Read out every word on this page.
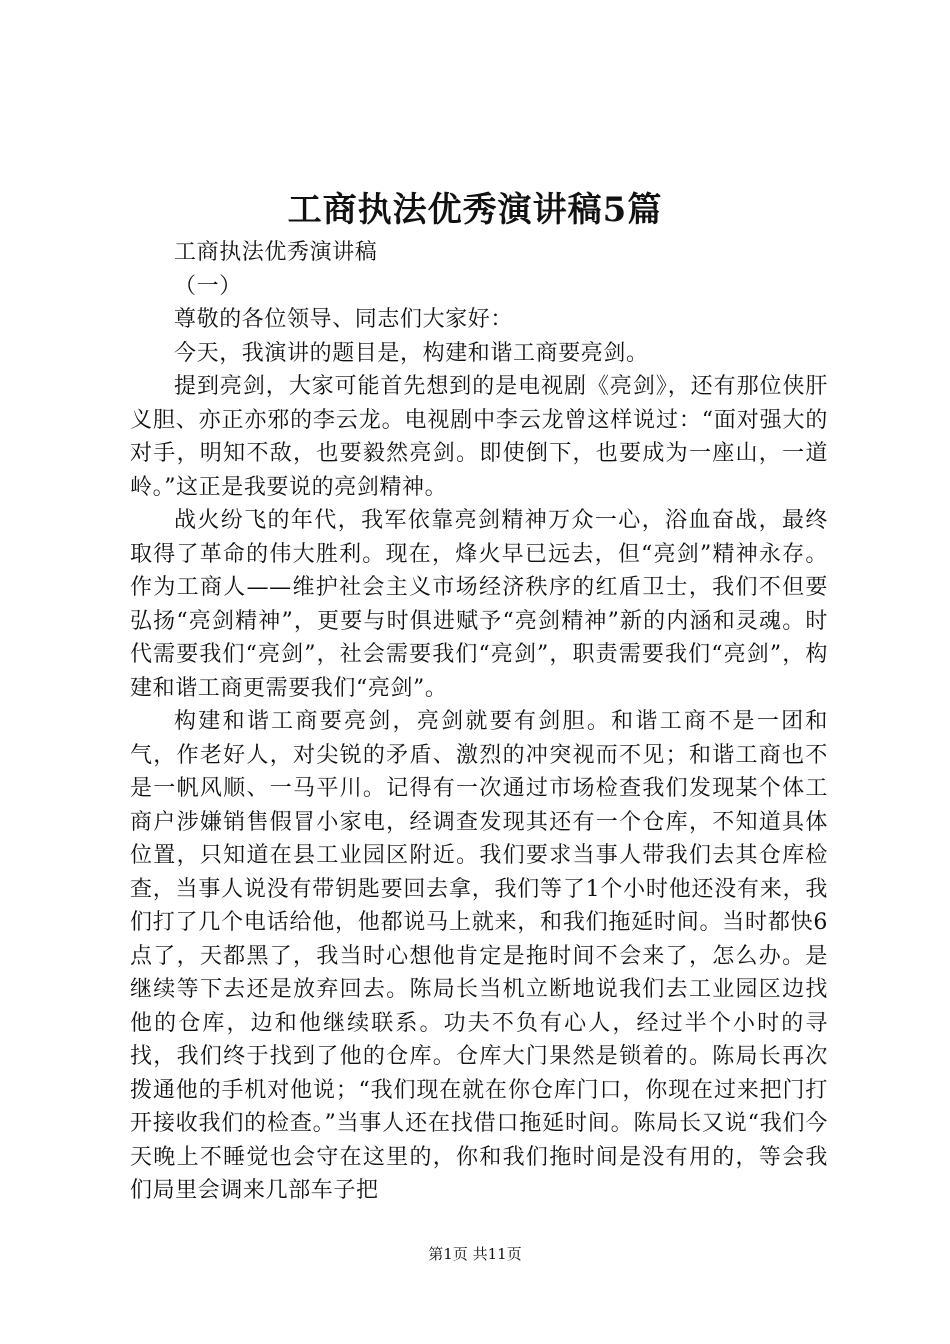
工商执法优秀演讲稿5篇

工商执法优秀演讲稿

（一）

尊敬的各位领导、同志们大家好：

今天，我演讲的题目是，构建和谐工商要亮剑。

提到亮剑，大家可能首先想到的是电视剧《亮剑》，还有那位侠肝义胆、亦正亦邪的李云龙。电视剧中李云龙曾这样说过：“面对强大的对手，明知不敌，也要毅然亮剑。即使倒下，也要成为一座山，一道岭。”这正是我要说的亮剑精神。

战火纷飞的年代，我军依靠亮剑精神万众一心，浴血奋战，最终取得了革命的伟大胜利。现在，烽火早已远去，但“亮剑”精神永存。作为工商人——维护社会主义市场经济秩序的红盾卫士，我们不但要弘扬“亮剑精神”，更要与时俱进赋予“亮剑精神”新的内涵和灵魂。时代需要我们“亮剑”，社会需要我们“亮剑”，职责需要我们“亮剑”，构建和谐工商更需要我们“亮剑”。

构建和谐工商要亮剑，亮剑就要有剑胆。和谐工商不是一团和气，作老好人，对尖锐的矛盾、激烈的冲突视而不见；和谐工商也不是一帆风顺、一马平川。记得有一次通过市场检查我们发现某个体工商户涉嫌销售假冒小家电，经调查发现其还有一个仓库，不知道具体位置，只知道在县工业园区附近。我们要求当事人带我们去其仓库检查，当事人说没有带钥匙要回去拿，我们等了1个小时他还没有来，我们打了几个电话给他，他都说马上就来，和我们拖延时间。当时都快6点了，天都黑了，我当时心想他肯定是拖时间不会来了，怎么办。是继续等下去还是放弃回去。陈局长当机立断地说我们去工业园区边找他的仓库，边和他继续联系。功夫不负有心人，经过半个小时的寻找，我们终于找到了他的仓库。仓库大门果然是锁着的。陈局长再次拨通他的手机对他说；“我们现在就在你仓库门口，你现在过来把门打开接收我们的检查。”当事人还在找借口拖延时间。陈局长又说“我们今天晚上不睡觉也会守在这里的，你和我们拖时间是没有用的，等会我们局里会调来几部车子把

第1页 共11页
